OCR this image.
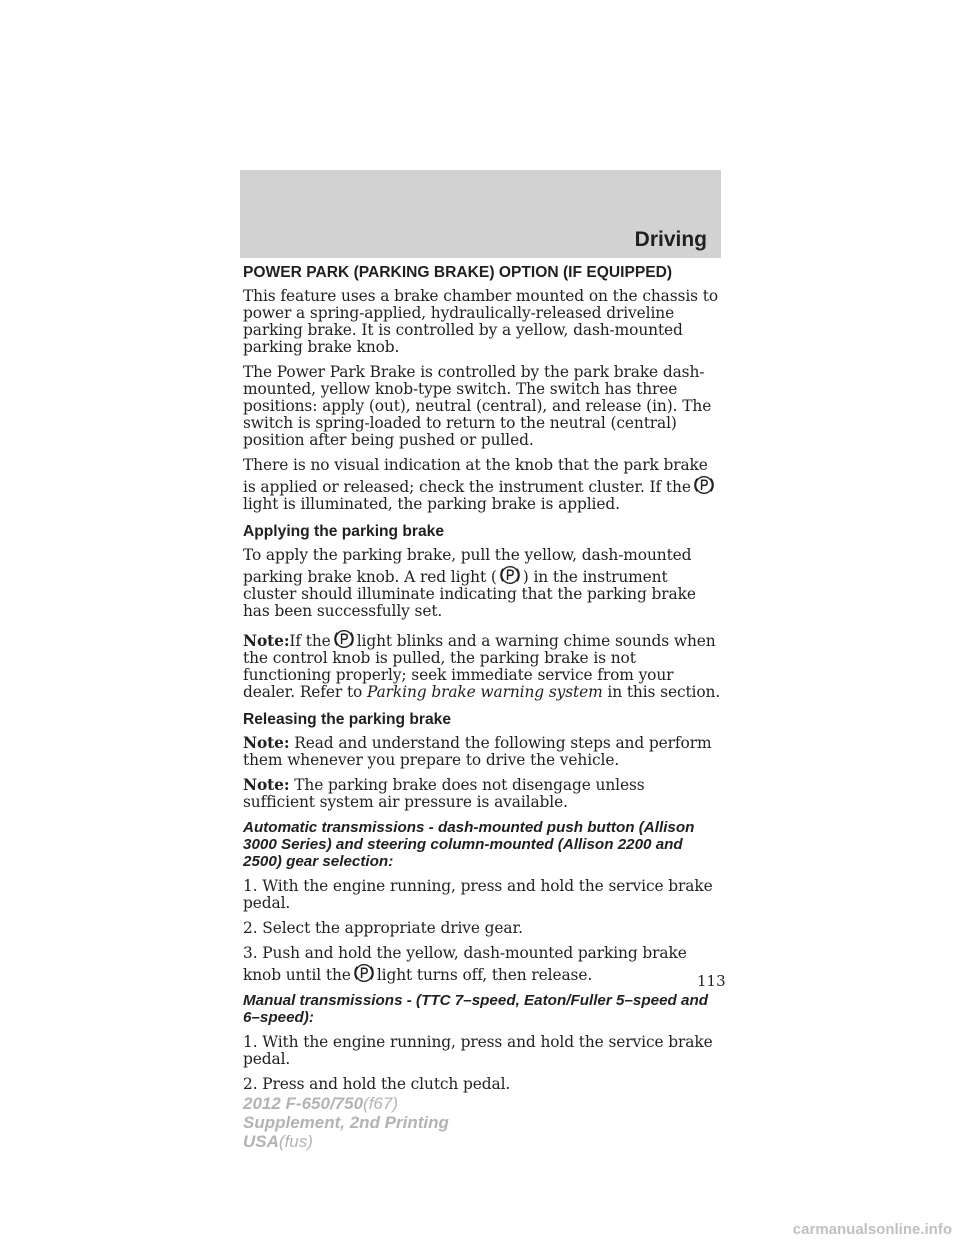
Driving
POWER PARK (PARKING BRAKE) OPTION (IF EQUIPPED)

This feature uses a brake chamber mounted on the chassis to power a spring-applied, hydraulically-released driveline parking brake. It is controlled by a yellow, dash-mounted parking brake knob.

The Power Park Brake is controlled by the park brake dash-mounted, yellow knob-type switch. The switch has three positions: apply (out), neutral (central), and release (in). The switch is spring-loaded to return to the neutral (central) position after being pushed or pulled.

There is no visual indication at the knob that the park brake is applied or released; check the instrument cluster. If the
light is illuminated, the parking brake is applied.

Applying the parking brake

To apply the parking brake, pull the yellow, dash-mounted parking brake knob. A red light ( ) in the instrument cluster should illuminate indicating that the parking brake has been successfully set.

Note:If the light blinks and a warning chime sounds when the control knob is pulled, the parking brake is not functioning properly; seek immediate service from your dealer. Refer to Parking brake warning system in this section.

Releasing the parking brake

Note: Read and understand the following steps and perform them whenever you prepare to drive the vehicle.

Note: The parking brake does not disengage unless sufficient system air pressure is available.

Automatic transmissions - dash-mounted push button (Allison 3000 Series) and steering column-mounted (Allison 2200 and 2500) gear selection:

1. With the engine running, press and hold the service brake pedal.

2. Select the appropriate drive gear.

3. Push and hold the yellow, dash-mounted parking brake knob until the light turns off, then release.

Manual transmissions - (TTC 7–speed, Eaton/Fuller 5–speed and 6–speed):

1. With the engine running, press and hold the service brake pedal.

2. Press and hold the clutch pedal.

113
2012 F-650/750(f67)
Supplement, 2nd Printing
USA(fus)
carmanualsonline.info
